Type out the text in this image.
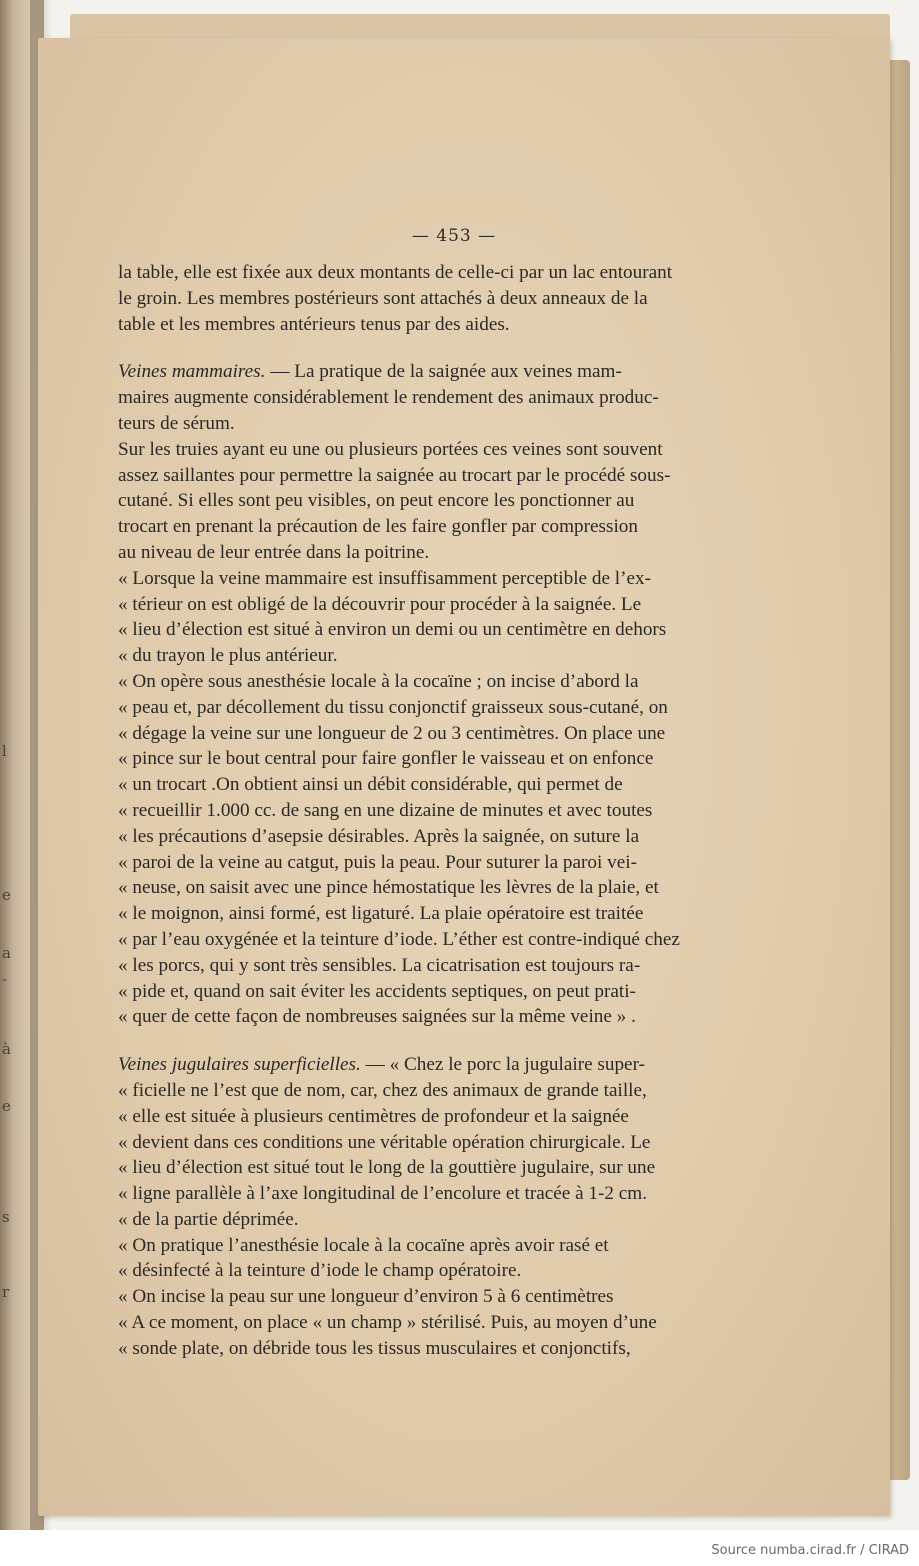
l
e
a
-
à
e
s
r
— 453 —
la table, elle est fixée aux deux montants de celle-ci par un lac entourant
le groin. Les membres postérieurs sont attachés à deux anneaux de la
table et les membres antérieurs tenus par des aides.
Veines mammaires. — La pratique de la saignée aux veines mam-
maires augmente considérablement le rendement des animaux produc-
teurs de sérum.
Sur les truies ayant eu une ou plusieurs portées ces veines sont souvent
assez saillantes pour permettre la saignée au trocart par le procédé sous-
cutané. Si elles sont peu visibles, on peut encore les ponctionner au
trocart en prenant la précaution de les faire gonfler par compression
au niveau de leur entrée dans la poitrine.
« Lorsque la veine mammaire est insuffisamment perceptible de l’ex-
« térieur on est obligé de la découvrir pour procéder à la saignée. Le
« lieu d’élection est situé à environ un demi ou un centimètre en dehors
« du trayon le plus antérieur.
« On opère sous anesthésie locale à la cocaïne ; on incise d’abord la
« peau et, par décollement du tissu conjonctif graisseux sous-cutané, on
« dégage la veine sur une longueur de 2 ou 3 centimètres. On place une
« pince sur le bout central pour faire gonfler le vaisseau et on enfonce
« un trocart .On obtient ainsi un débit considérable, qui permet de
« recueillir 1.000 cc. de sang en une dizaine de minutes et avec toutes
« les précautions d’asepsie désirables. Après la saignée, on suture la
« paroi de la veine au catgut, puis la peau. Pour suturer la paroi vei-
« neuse, on saisit avec une pince hémostatique les lèvres de la plaie, et
« le moignon, ainsi formé, est ligaturé. La plaie opératoire est traitée
« par l’eau oxygénée et la teinture d’iode. L’éther est contre-indiqué chez
« les porcs, qui y sont très sensibles. La cicatrisation est toujours ra-
« pide et, quand on sait éviter les accidents septiques, on peut prati-
« quer de cette façon de nombreuses saignées sur la même veine » .
Veines jugulaires superficielles. — « Chez le porc la jugulaire super-
« ficielle ne l’est que de nom, car, chez des animaux de grande taille,
« elle est située à plusieurs centimètres de profondeur et la saignée
« devient dans ces conditions une véritable opération chirurgicale. Le
« lieu d’élection est situé tout le long de la gouttière jugulaire, sur une
« ligne parallèle à l’axe longitudinal de l’encolure et tracée à 1-2 cm.
« de la partie déprimée.
« On pratique l’anesthésie locale à la cocaïne après avoir rasé et
« désinfecté à la teinture d’iode le champ opératoire.
« On incise la peau sur une longueur d’environ 5 à 6 centimètres
« A ce moment, on place « un champ » stérilisé. Puis, au moyen d’une
« sonde plate, on débride tous les tissus musculaires et conjonctifs,
Source numba.cirad.fr / CIRAD
